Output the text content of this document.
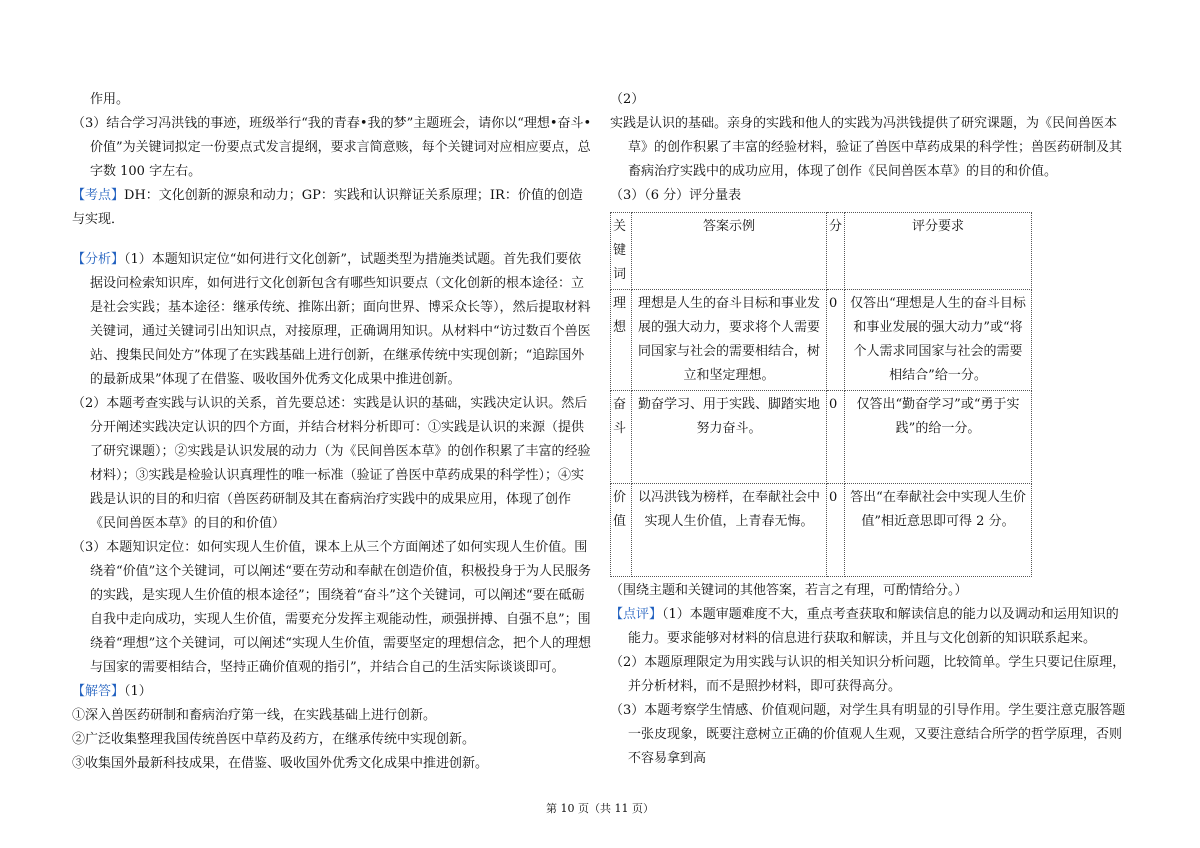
作用。

（3）结合学习冯洪钱的事迹，班级举行“我的青春•我的梦”主题班会，请你以“理想•奋斗•价值”为关键词拟定一份要点式发言提纲，要求言简意赅，每个关键词对应相应要点，总字数 100 字左右。

【考点】DH：文化创新的源泉和动力；GP：实践和认识辩证关系原理；IR：价值的创造与实现．

【分析】（1）本题知识定位“如何进行文化创新”，试题类型为措施类试题。首先我们要依据设问检索知识库，如何进行文化创新包含有哪些知识要点（文化创新的根本途径：立是社会实践；基本途径：继承传统、推陈出新；面向世界、博采众长等），然后提取材料关键词，通过关键词引出知识点，对接原理，正确调用知识。从材料中“访过数百个兽医站、搜集民间处方”体现了在实践基础上进行创新，在继承传统中实现创新；“追踪国外的最新成果”体现了在借鉴、吸收国外优秀文化成果中推进创新。

（2）本题考查实践与认识的关系，首先要总述：实践是认识的基础，实践决定认识。然后分开阐述实践决定认识的四个方面，并结合材料分析即可：①实践是认识的来源（提供了研究课题）；②实践是认识发展的动力（为《民间兽医本草》的创作积累了丰富的经验材料）；③实践是检验认识真理性的唯一标准（验证了兽医中草药成果的科学性）；④实践是认识的目的和归宿（兽医药研制及其在畜病治疗实践中的成果应用，体现了创作《民间兽医本草》的目的和价值）

（3）本题知识定位：如何实现人生价值，课本上从三个方面阐述了如何实现人生价值。围绕着“价值”这个关键词，可以阐述“要在劳动和奉献在创造价值，积极投身于为人民服务的实践，是实现人生价值的根本途径”；围绕着“奋斗”这个关键词，可以阐述“要在砥砺自我中走向成功，实现人生价值，需要充分发挥主观能动性，顽强拼搏、自强不息”；围绕着“理想”这个关键词，可以阐述“实现人生价值，需要坚定的理想信念，把个人的理想与国家的需要相结合，坚持正确价值观的指引”，并结合自己的生活实际谈谈即可。

【解答】（1）

①深入兽医药研制和畜病治疗第一线，在实践基础上进行创新。

②广泛收集整理我国传统兽医中草药及药方，在继承传统中实现创新。

③收集国外最新科技成果，在借鉴、吸收国外优秀文化成果中推进创新。

（2）

实践是认识的基础。亲身的实践和他人的实践为冯洪钱提供了研究课题，为《民间兽医本草》的创作积累了丰富的经验材料，验证了兽医中草药成果的科学性；兽医药研制及其畜病治疗实践中的成功应用，体现了创作《民间兽医本草》的目的和价值。

（3）（6 分）评分量表

关键词	答案示例	分	评分要求
理想	理想是人生的奋斗目标和事业发展的强大动力，要求将个人需要同国家与社会的需要相结合，树立和坚定理想。	0	仅答出“理想是人生的奋斗目标和事业发展的强大动力”或“将个人需求同国家与社会的需要相结合”给一分。
奋斗	勤奋学习、用于实践、脚踏实地努力奋斗。	0	仅答出“勤奋学习”或“勇于实践”的给一分。
价值	以冯洪钱为榜样，在奉献社会中实现人生价值，上青春无悔。	0	答出“在奉献社会中实现人生价值”相近意思即可得 2 分。

（围绕主题和关键词的其他答案，若言之有理，可酌情给分。）

【点评】（1）本题审题难度不大，重点考查获取和解读信息的能力以及调动和运用知识的能力。要求能够对材料的信息进行获取和解读，并且与文化创新的知识联系起来。

（2）本题原理限定为用实践与认识的相关知识分析问题，比较简单。学生只要记住原理，并分析材料，而不是照抄材料，即可获得高分。

（3）本题考察学生情感、价值观问题，对学生具有明显的引导作用。学生要注意克服答题一张皮现象，既要注意树立正确的价值观人生观，又要注意结合所学的哲学原理，否则不容易拿到高

第 10 页（共 11 页）
